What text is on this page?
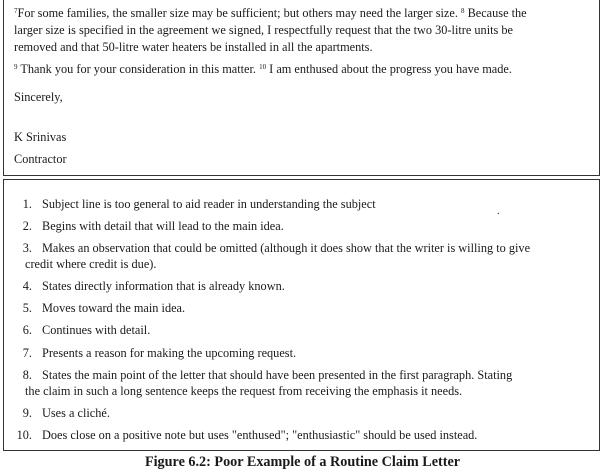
$^7$For some families, the smaller size may be sufficient; but others may need the larger size. $^8$ Because the
larger size is specified in the agreement we signed, I respectfully request that the two 30-litre units be
removed and that 50-litre water heaters be installed in all the apartments.
$^9$ Thank you for your consideration in this matter. $^{10}$ I am enthused about the progress you have made.
Sincerely,
K Srinivas
Contractor
.
1. Subject line is too general to aid reader in understanding the subject
2. Begins with detail that will lead to the main idea.
3. Makes an observation that could be omitted (although it does show that the writer is willing to give
credit where credit is due).
4. States directly information that is already known.
5. Moves toward the main idea.
6. Continues with detail.
7. Presents a reason for making the upcoming request.
8. States the main point of the letter that should have been presented in the first paragraph. Stating
the claim in such a long sentence keeps the request from receiving the emphasis it needs.
9. Uses a cliché.
10. Does close on a positive note but uses "enthused"; "enthusiastic" should be used instead.
Figure 6.2: Poor Example of a Routine Claim Letter
